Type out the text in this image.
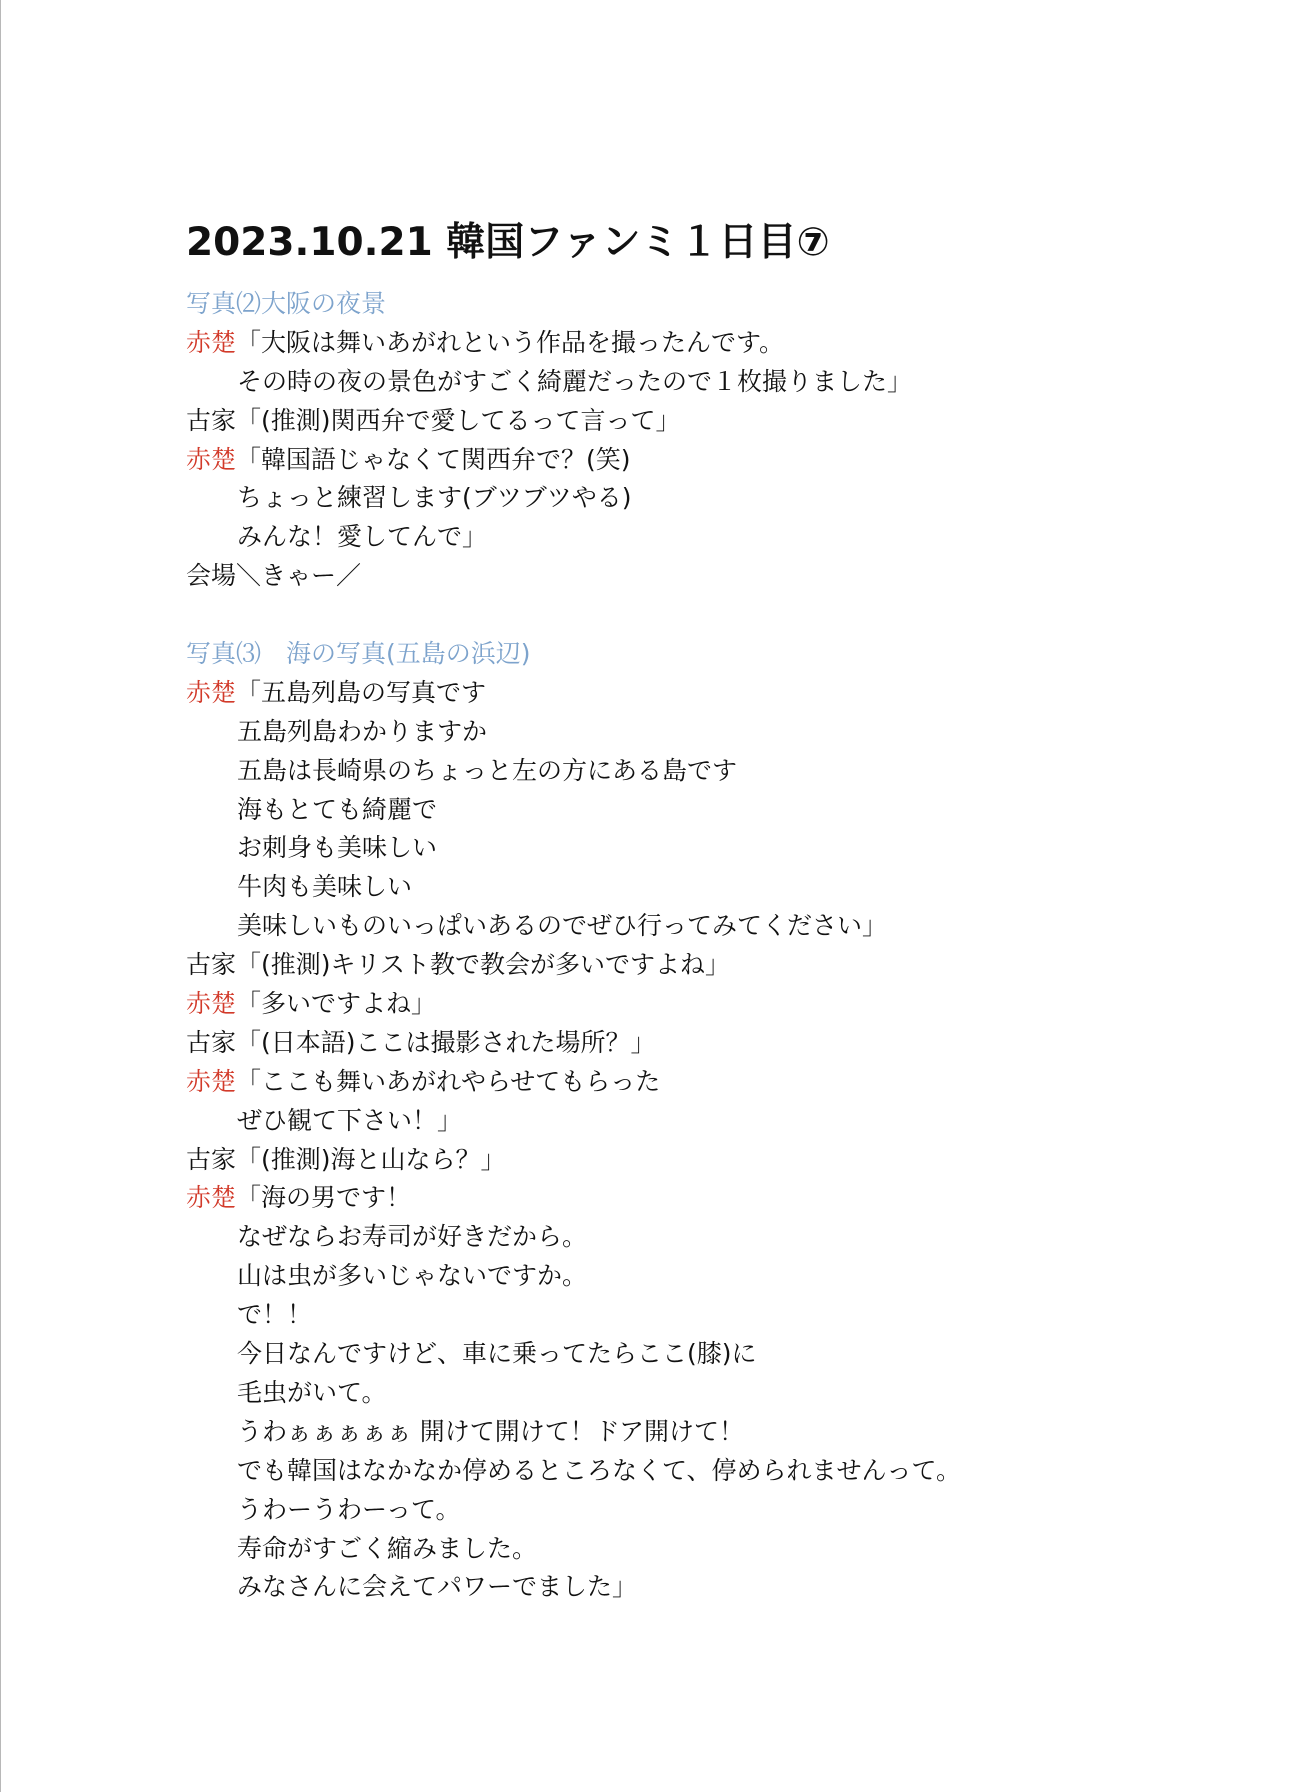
2023.10.21 韓国ファンミ１日目⑦
写真⑵大阪の夜景
赤楚「大阪は舞いあがれという作品を撮ったんです。
その時の夜の景色がすごく綺麗だったので１枚撮りました」
古家「(推測)関西弁で愛してるって言って」
赤楚「韓国語じゃなくて関西弁で？(笑)
ちょっと練習します(ブツブツやる)
みんな！愛してんで」
会場＼きゃー／
写真⑶　海の写真(五島の浜辺)
赤楚「五島列島の写真です
五島列島わかりますか
五島は長崎県のちょっと左の方にある島です
海もとても綺麗で
お刺身も美味しい
牛肉も美味しい
美味しいものいっぱいあるのでぜひ行ってみてください」
古家「(推測)キリスト教で教会が多いですよね」
赤楚「多いですよね」
古家「(日本語)ここは撮影された場所？」
赤楚「ここも舞いあがれやらせてもらった
ぜひ観て下さい！」
古家「(推測)海と山なら？」
赤楚「海の男です！
なぜならお寿司が好きだから。
山は虫が多いじゃないですか。
で！！
今日なんですけど、車に乗ってたらここ(膝)に
毛虫がいて。
うわぁぁぁぁぁ 開けて開けて！ドア開けて！
でも韓国はなかなか停めるところなくて、停められませんって。
うわーうわーって。
寿命がすごく縮みました。
みなさんに会えてパワーでました」
